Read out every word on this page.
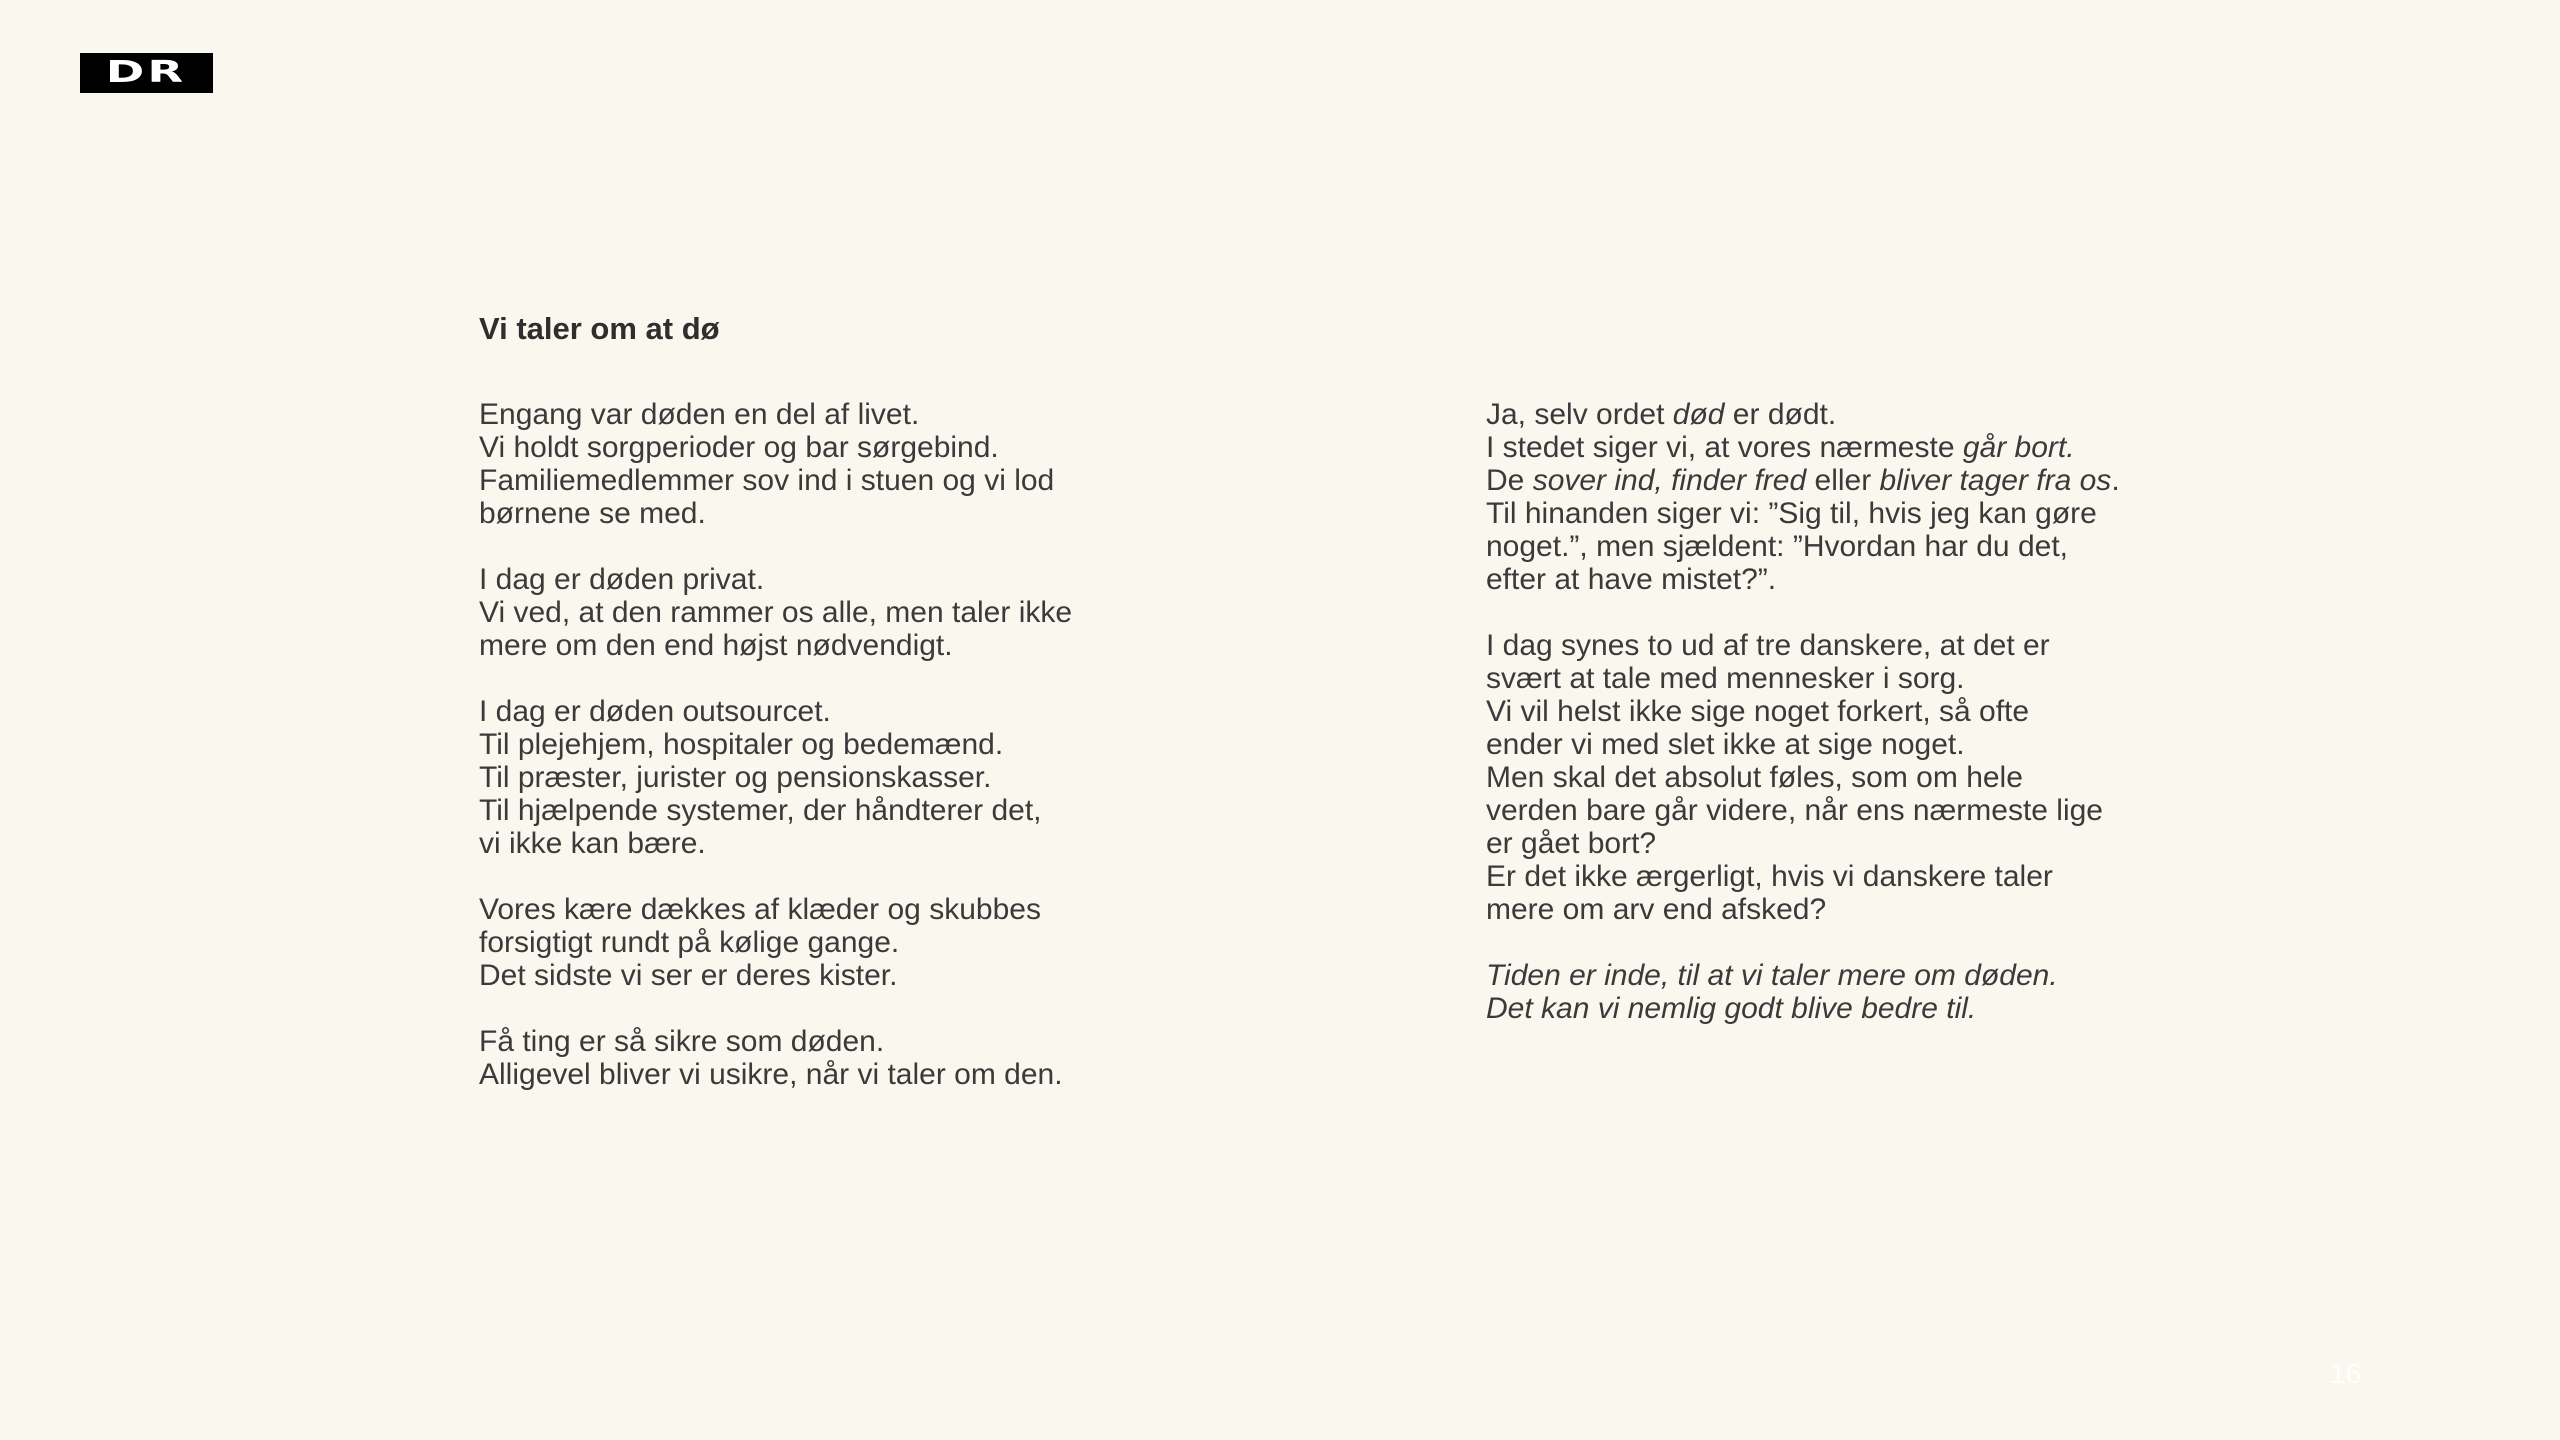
DR
Vi taler om at dø

Engang var døden en del af livet.
Vi holdt sorgperioder og bar sørgebind.
Familiemedlemmer sov ind i stuen og vi lod
børnene se med.

I dag er døden privat.
Vi ved, at den rammer os alle, men taler ikke
mere om den end højst nødvendigt.

I dag er døden outsourcet.
Til plejehjem, hospitaler og bedemænd.
Til præster, jurister og pensionskasser.
Til hjælpende systemer, der håndterer det,
vi ikke kan bære.

Vores kære dækkes af klæder og skubbes
forsigtigt rundt på kølige gange.
Det sidste vi ser er deres kister.

Få ting er så sikre som døden.
Alligevel bliver vi usikre, når vi taler om den.

Ja, selv ordet død er dødt.
I stedet siger vi, at vores nærmeste går bort.
De sover ind, finder fred eller bliver tager fra os.
Til hinanden siger vi: ”Sig til, hvis jeg kan gøre
noget.”, men sjældent: ”Hvordan har du det,
efter at have mistet?”.

I dag synes to ud af tre danskere, at det er
svært at tale med mennesker i sorg.
Vi vil helst ikke sige noget forkert, så ofte
ender vi med slet ikke at sige noget.
Men skal det absolut føles, som om hele
verden bare går videre, når ens nærmeste lige
er gået bort?
Er det ikke ærgerligt, hvis vi danskere taler
mere om arv end afsked?

Tiden er inde, til at vi taler mere om døden.
Det kan vi nemlig godt blive bedre til.

16
